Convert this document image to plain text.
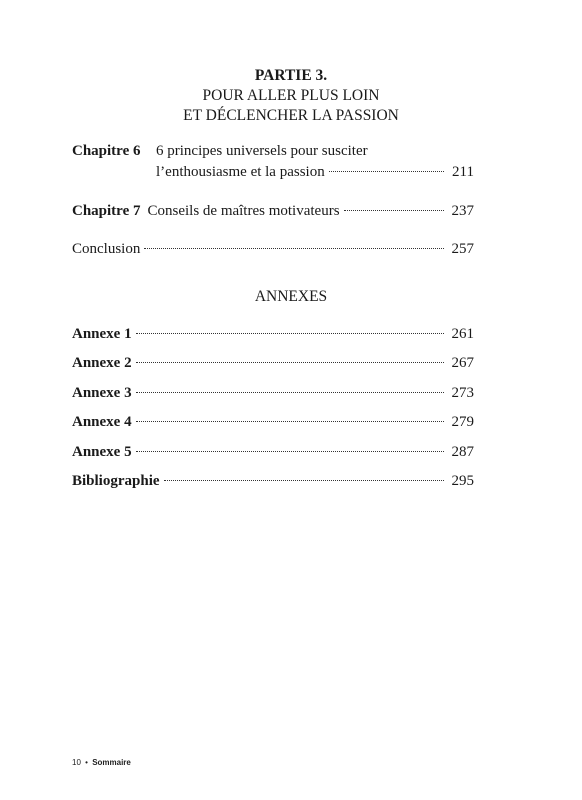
PARTIE 3.
POUR ALLER PLUS LOIN
ET DÉCLENCHER LA PASSION
Chapitre 6 6 principes universels pour susciter
l’enthousiasme et la passion	211
Chapitre 7 Conseils de maîtres motivateurs	237
Conclusion	257
ANNEXES
Annexe 1	261
Annexe 2	267
Annexe 3	273
Annexe 4	279
Annexe 5	287
Bibliographie	295
10 • Sommaire
